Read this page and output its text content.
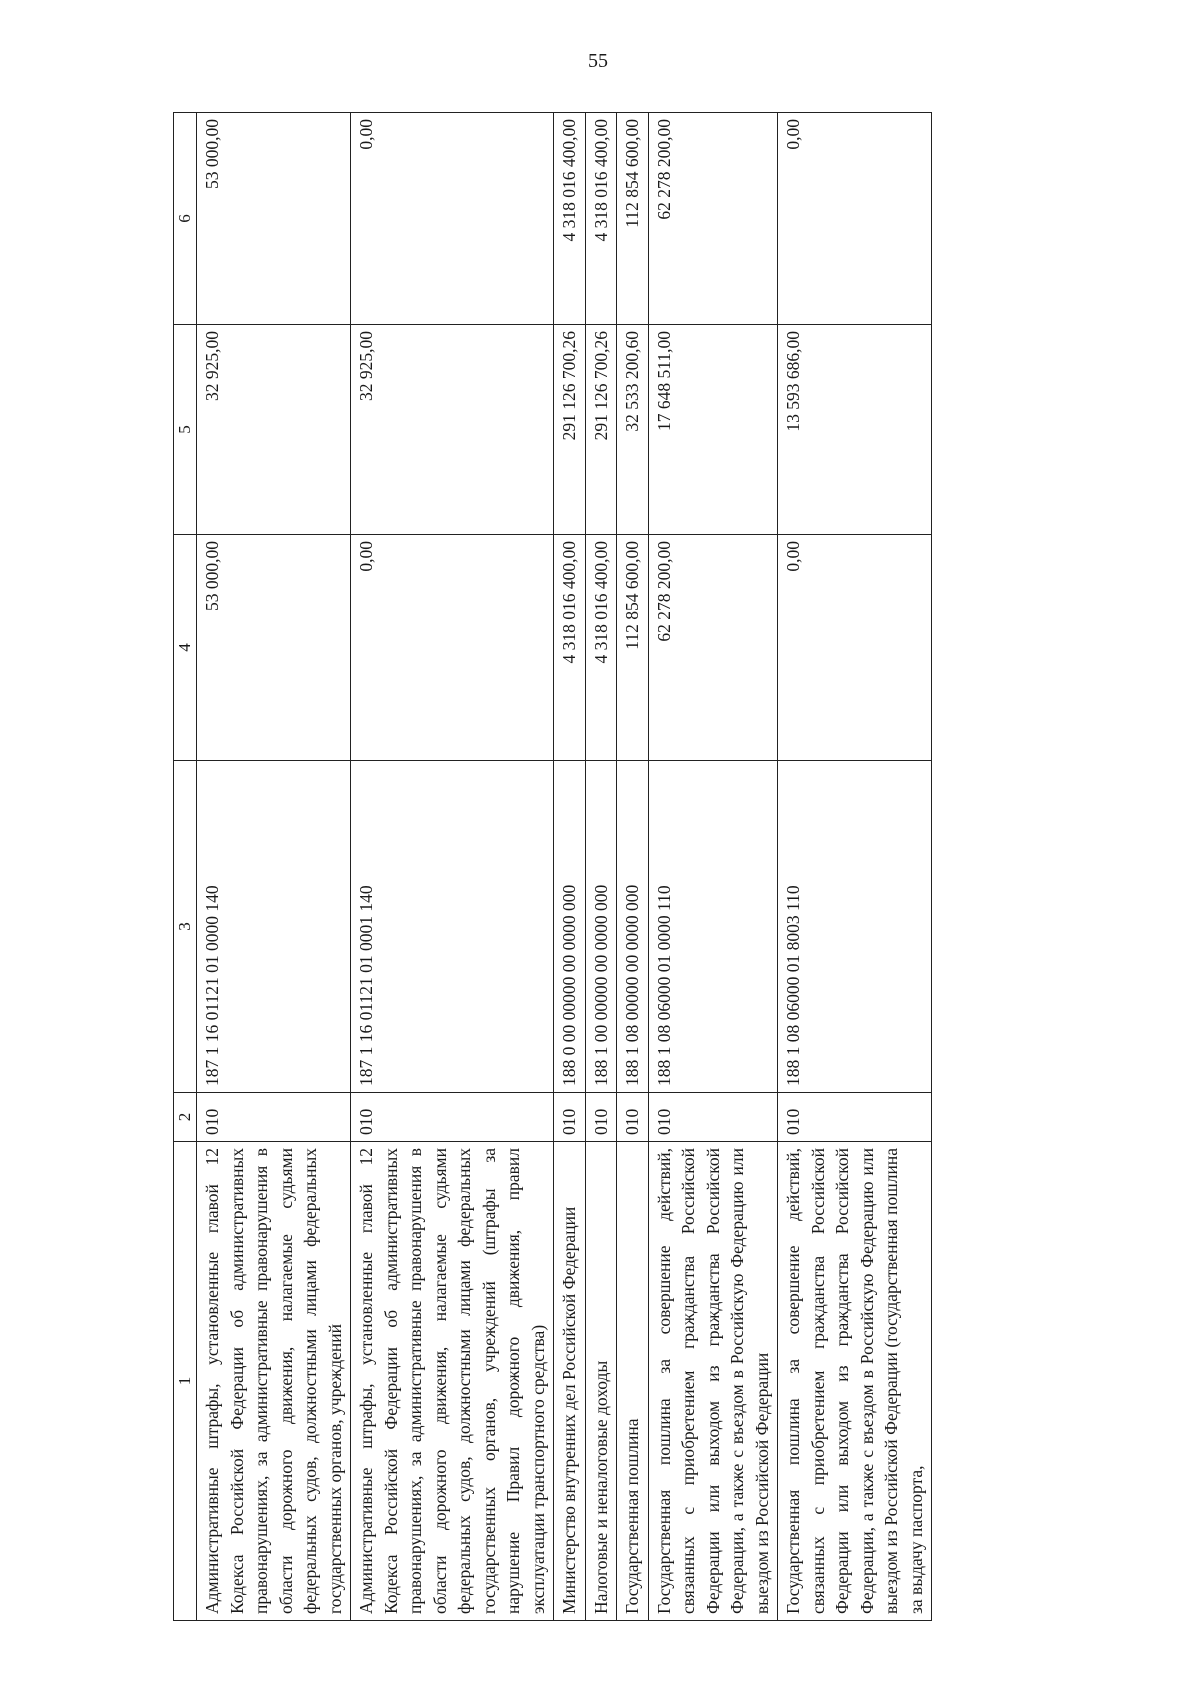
55
1	2	3	4	5	6
Административные штрафы, установленные главой 12 Кодекса Российской Федерации об административных правонарушениях, за административные правонарушения в области дорожного движения, налагаемые судьями федеральных судов, должностными лицами федеральных государственных органов, учреждений	010	187 1 16 01121 01 0000 140	53 000,00	32 925,00	53 000,00
Административные штрафы, установленные главой 12 Кодекса Российской Федерации об административных правонарушениях, за административные правонарушения в области дорожного движения, налагаемые судьями федеральных судов, должностными лицами федеральных государственных органов, учреждений (штрафы за нарушение Правил дорожного движения, правил эксплуатации транспортного средства)	010	187 1 16 01121 01 0001 140	0,00	32 925,00	0,00
Министерство внутренних дел Российской Федерации	010	188 0 00 00000 00 0000 000	4 318 016 400,00	291 126 700,26	4 318 016 400,00
Налоговые и неналоговые доходы	010	188 1 00 00000 00 0000 000	4 318 016 400,00	291 126 700,26	4 318 016 400,00
Государственная пошлина	010	188 1 08 00000 00 0000 000	112 854 600,00	32 533 200,60	112 854 600,00
Государственная пошлина за совершение действий, связанных с приобретением гражданства Российской Федерации или выходом из гражданства Российской Федерации, а также с въездом в Российскую Федерацию или выездом из Российской Федерации	010	188 1 08 06000 01 0000 110	62 278 200,00	17 648 511,00	62 278 200,00
Государственная пошлина за совершение действий, связанных с приобретением гражданства Российской Федерации или выходом из гражданства Российской Федерации, а также с въездом в Российскую Федерацию или выездом из Российской Федерации (государственная пошлина за выдачу паспорта,	010	188 1 08 06000 01 8003 110	0,00	13 593 686,00	0,00
